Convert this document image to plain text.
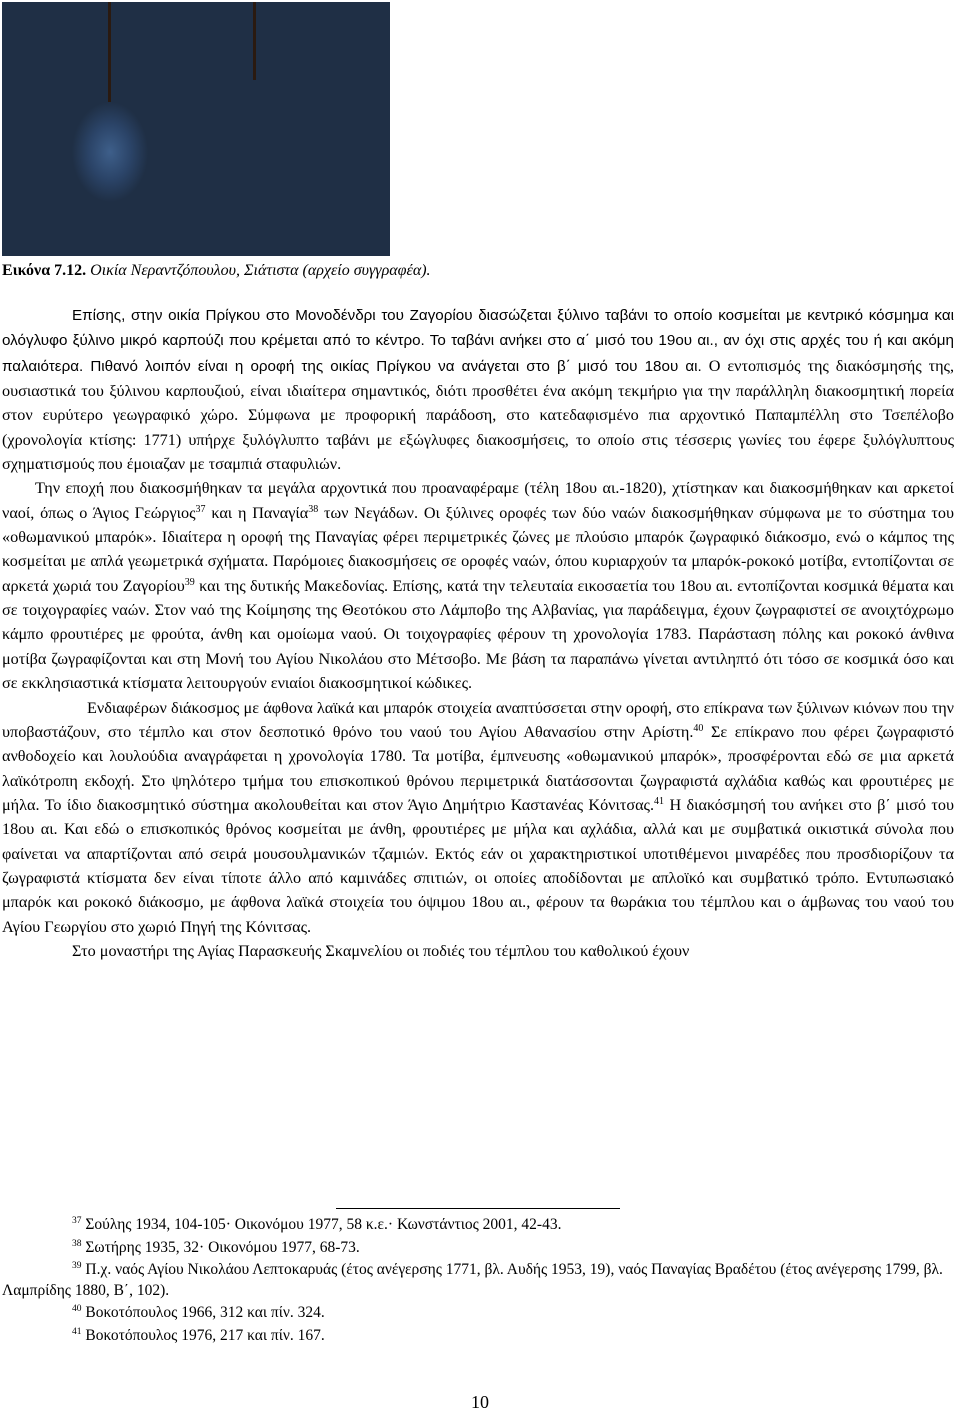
Εικόνα 7.12. Οικία Νεραντζόπουλου, Σιάτιστα (αρχείο συγγραφέα).

Επίσης, στην οικία Πρίγκου στο Μονοδένδρι του Ζαγορίου διασώζεται ξύλινο ταβάνι το οποίο κοσμείται με κεντρικό κόσμημα και ολόγλυφο ξύλινο μικρό καρπούζι που κρέμεται από το κέντρο. Το ταβάνι ανήκει στο α΄ μισό του 19ου αι., αν όχι στις αρχές του ή και ακόμη παλαιότερα. Πιθανό λοιπόν είναι η οροφή της οικίας Πρίγκου να ανάγεται στο β΄ μισό του 18ου αι. Ο εντοπισμός της διακόσμησής της, ουσιαστικά του ξύλινου καρπουζιού, είναι ιδιαίτερα σημαντικός, διότι προσθέτει ένα ακόμη τεκμήριο για την παράλληλη διακοσμητική πορεία στον ευρύτερο γεωγραφικό χώρο. Σύμφωνα με προφορική παράδοση, στο κατεδαφισμένο πια αρχοντικό Παπαμπέλλη στο Τσεπέλοβο (χρονολογία κτίσης: 1771) υπήρχε ξυλόγλυπτο ταβάνι με εξώγλυφες διακοσμήσεις, το οποίο στις τέσσερις γωνίες του έφερε ξυλόγλυπτους σχηματισμούς που έμοιαζαν με τσαμπιά σταφυλιών.

Την εποχή που διακοσμήθηκαν τα μεγάλα αρχοντικά που προαναφέραμε (τέλη 18ου αι.-1820), χτίστηκαν και διακοσμήθηκαν και αρκετοί ναοί, όπως ο Άγιος Γεώργιος$^{37}$ και η Παναγία$^{38}$ των Νεγάδων. Οι ξύλινες οροφές των δύο ναών διακοσμήθηκαν σύμφωνα με το σύστημα του «οθωμανικού μπαρόκ». Ιδιαίτερα η οροφή της Παναγίας φέρει περιμετρικές ζώνες με πλούσιο μπαρόκ ζωγραφικό διάκοσμο, ενώ ο κάμπος της κοσμείται με απλά γεωμετρικά σχήματα. Παρόμοιες διακοσμήσεις σε οροφές ναών, όπου κυριαρχούν τα μπαρόκ-ροκοκό μοτίβα, εντοπίζονται σε αρκετά χωριά του Ζαγορίου$^{39}$ και της δυτικής Μακεδονίας. Επίσης, κατά την τελευταία εικοσαετία του 18ου αι. εντοπίζονται κοσμικά θέματα και σε τοιχογραφίες ναών. Στον ναό της Κοίμησης της Θεοτόκου στο Λάμποβο της Αλβανίας, για παράδειγμα, έχουν ζωγραφιστεί σε ανοιχτόχρωμο κάμπο φρουτιέρες με φρούτα, άνθη και ομοίωμα ναού. Οι τοιχογραφίες φέρουν τη χρονολογία 1783. Παράσταση πόλης και ροκοκό άνθινα μοτίβα ζωγραφίζονται και στη Μονή του Αγίου Νικολάου στο Μέτσοβο. Με βάση τα παραπάνω γίνεται αντιληπτό ότι τόσο σε κοσμικά όσο και σε εκκλησιαστικά κτίσματα λειτουργούν ενιαίοι διακοσμητικοί κώδικες.

Ενδιαφέρων διάκοσμος με άφθονα λαϊκά και μπαρόκ στοιχεία αναπτύσσεται στην οροφή, στο επίκρανα των ξύλινων κιόνων που την υποβαστάζουν, στο τέμπλο και στον δεσποτικό θρόνο του ναού του Αγίου Αθανασίου στην Αρίστη.$^{40}$ Σε επίκρανο που φέρει ζωγραφιστό ανθοδοχείο και λουλούδια αναγράφεται η χρονολογία 1780. Τα μοτίβα, έμπνευσης «οθωμανικού μπαρόκ», προσφέρονται εδώ σε μια αρκετά λαϊκότροπη εκδοχή. Στο ψηλότερο τμήμα του επισκοπικού θρόνου περιμετρικά διατάσσονται ζωγραφιστά αχλάδια καθώς και φρουτιέρες με μήλα. Το ίδιο διακοσμητικό σύστημα ακολουθείται και στον Άγιο Δημήτριο Καστανέας Κόνιτσας.$^{41}$ Η διακόσμησή του ανήκει στο β΄ μισό του 18ου αι. Και εδώ ο επισκοπικός θρόνος κοσμείται με άνθη, φρουτιέρες με μήλα και αχλάδια, αλλά και με συμβατικά οικιστικά σύνολα που φαίνεται να απαρτίζονται από σειρά μουσουλμανικών τζαμιών. Εκτός εάν οι χαρακτηριστικοί υποτιθέμενοι μιναρέδες που προσδιορίζουν τα ζωγραφιστά κτίσματα δεν είναι τίποτε άλλο από καμινάδες σπιτιών, οι οποίες αποδίδονται με απλοϊκό και συμβατικό τρόπο. Εντυπωσιακό μπαρόκ και ροκοκό διάκοσμο, με άφθονα λαϊκά στοιχεία του όψιμου 18ου αι., φέρουν τα θωράκια του τέμπλου και ο άμβωνας του ναού του Αγίου Γεωργίου στο χωριό Πηγή της Κόνιτσας.

Στο μοναστήρι της Αγίας Παρασκευής Σκαμνελίου οι ποδιές του τέμπλου του καθολικού έχουν

$^{37}$ Σούλης 1934, 104-105· Οικονόμου 1977, 58 κ.ε.· Κωνστάντιος 2001, 42-43.

$^{38}$ Σωτήρης 1935, 32· Οικονόμου 1977, 68-73.

$^{39}$ Π.χ. ναός Αγίου Νικολάου Λεπτοκαρυάς (έτος ανέγερσης 1771, βλ. Αυδής 1953, 19), ναός Παναγίας Βραδέτου (έτος ανέγερσης 1799, βλ. Λαμπρίδης 1880, Β΄, 102).

$^{40}$ Βοκοτόπουλος 1966, 312 και πίν. 324.

$^{41}$ Βοκοτόπουλος 1976, 217 και πίν. 167.

10
